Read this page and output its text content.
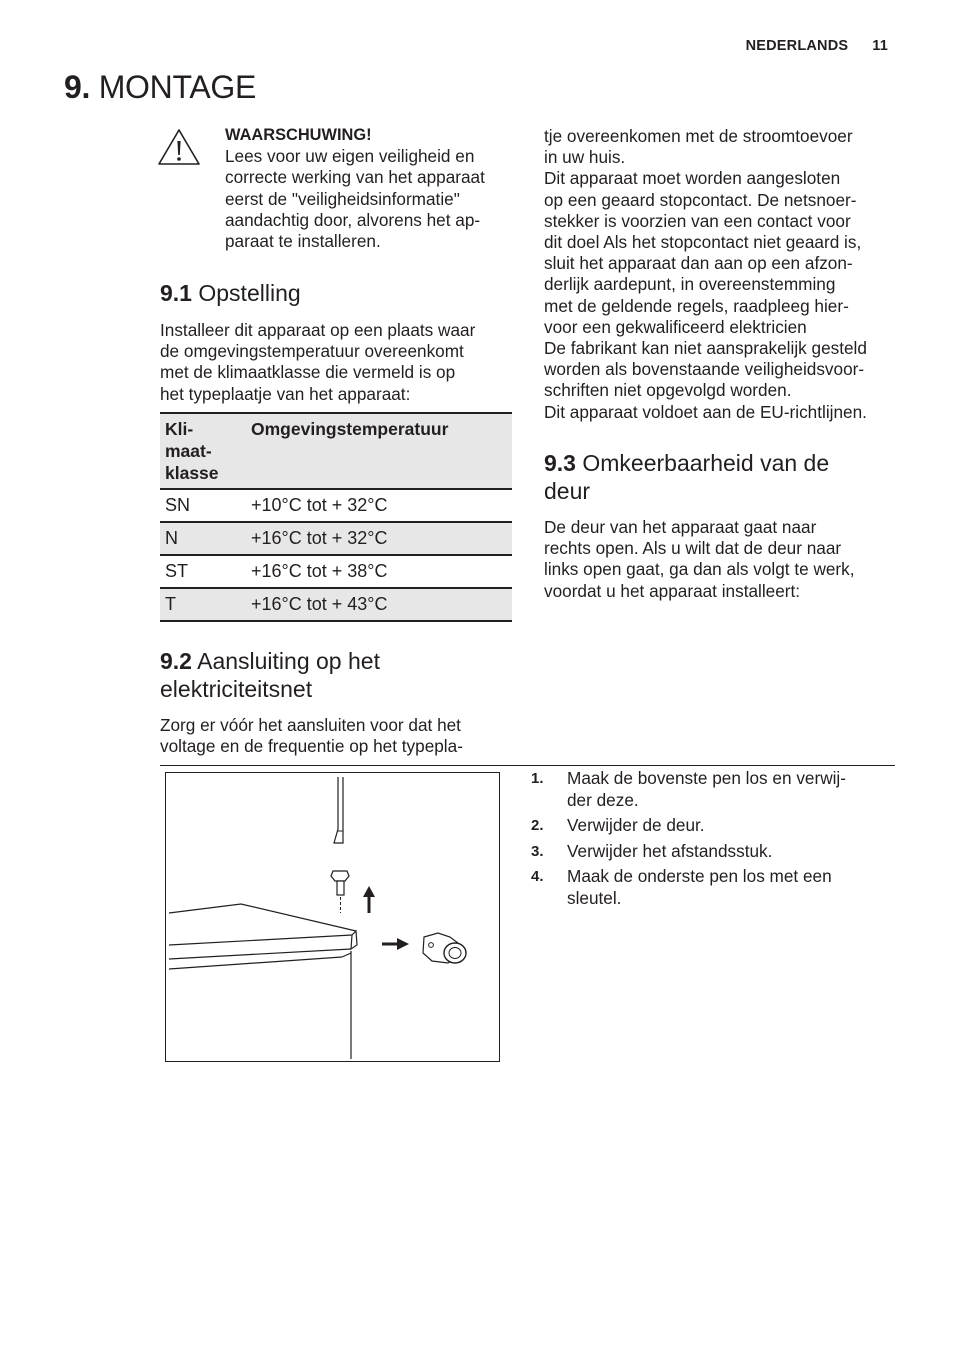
NEDERLANDS 11
9. MONTAGE
WAARSCHUWING!
Lees voor uw eigen veiligheid en
correcte werking van het apparaat
eerst de "veiligheidsinformatie"
aandachtig door, alvorens het ap-
paraat te installeren.
9.1 Opstelling
Installeer dit apparaat op een plaats waar
de omgevingstemperatuur overeenkomt
met de klimaatklasse die vermeld is op
het typeplaatje van het apparaat:
Kli-
maat-
klasse	Omgevingstemperatuur
SN	+10°C tot + 32°C
N	+16°C tot + 32°C
ST	+16°C tot + 38°C
T	+16°C tot + 43°C
9.2 Aansluiting op het
elektriciteitsnet
Zorg er vóór het aansluiten voor dat het
voltage en de frequentie op het typepla-
tje overeenkomen met de stroomtoevoer
in uw huis.
Dit apparaat moet worden aangesloten
op een geaard stopcontact. De netsnoer-
stekker is voorzien van een contact voor
dit doel Als het stopcontact niet geaard is,
sluit het apparaat dan aan op een afzon-
derlijk aardepunt, in overeenstemming
met de geldende regels, raadpleeg hier-
voor een gekwalificeerd elektricien
De fabrikant kan niet aansprakelijk gesteld
worden als bovenstaande veiligheidsvoor-
schriften niet opgevolgd worden.
Dit apparaat voldoet aan de EU-richtlijnen.
9.3 Omkeerbaarheid van de
deur
De deur van het apparaat gaat naar
rechts open. Als u wilt dat de deur naar
links open gaat, ga dan als volgt te werk,
voordat u het apparaat installeert:
1. Maak de bovenste pen los en verwij-
der deze.
2. Verwijder de deur.
3. Verwijder het afstandsstuk.
4. Maak de onderste pen los met een
sleutel.
